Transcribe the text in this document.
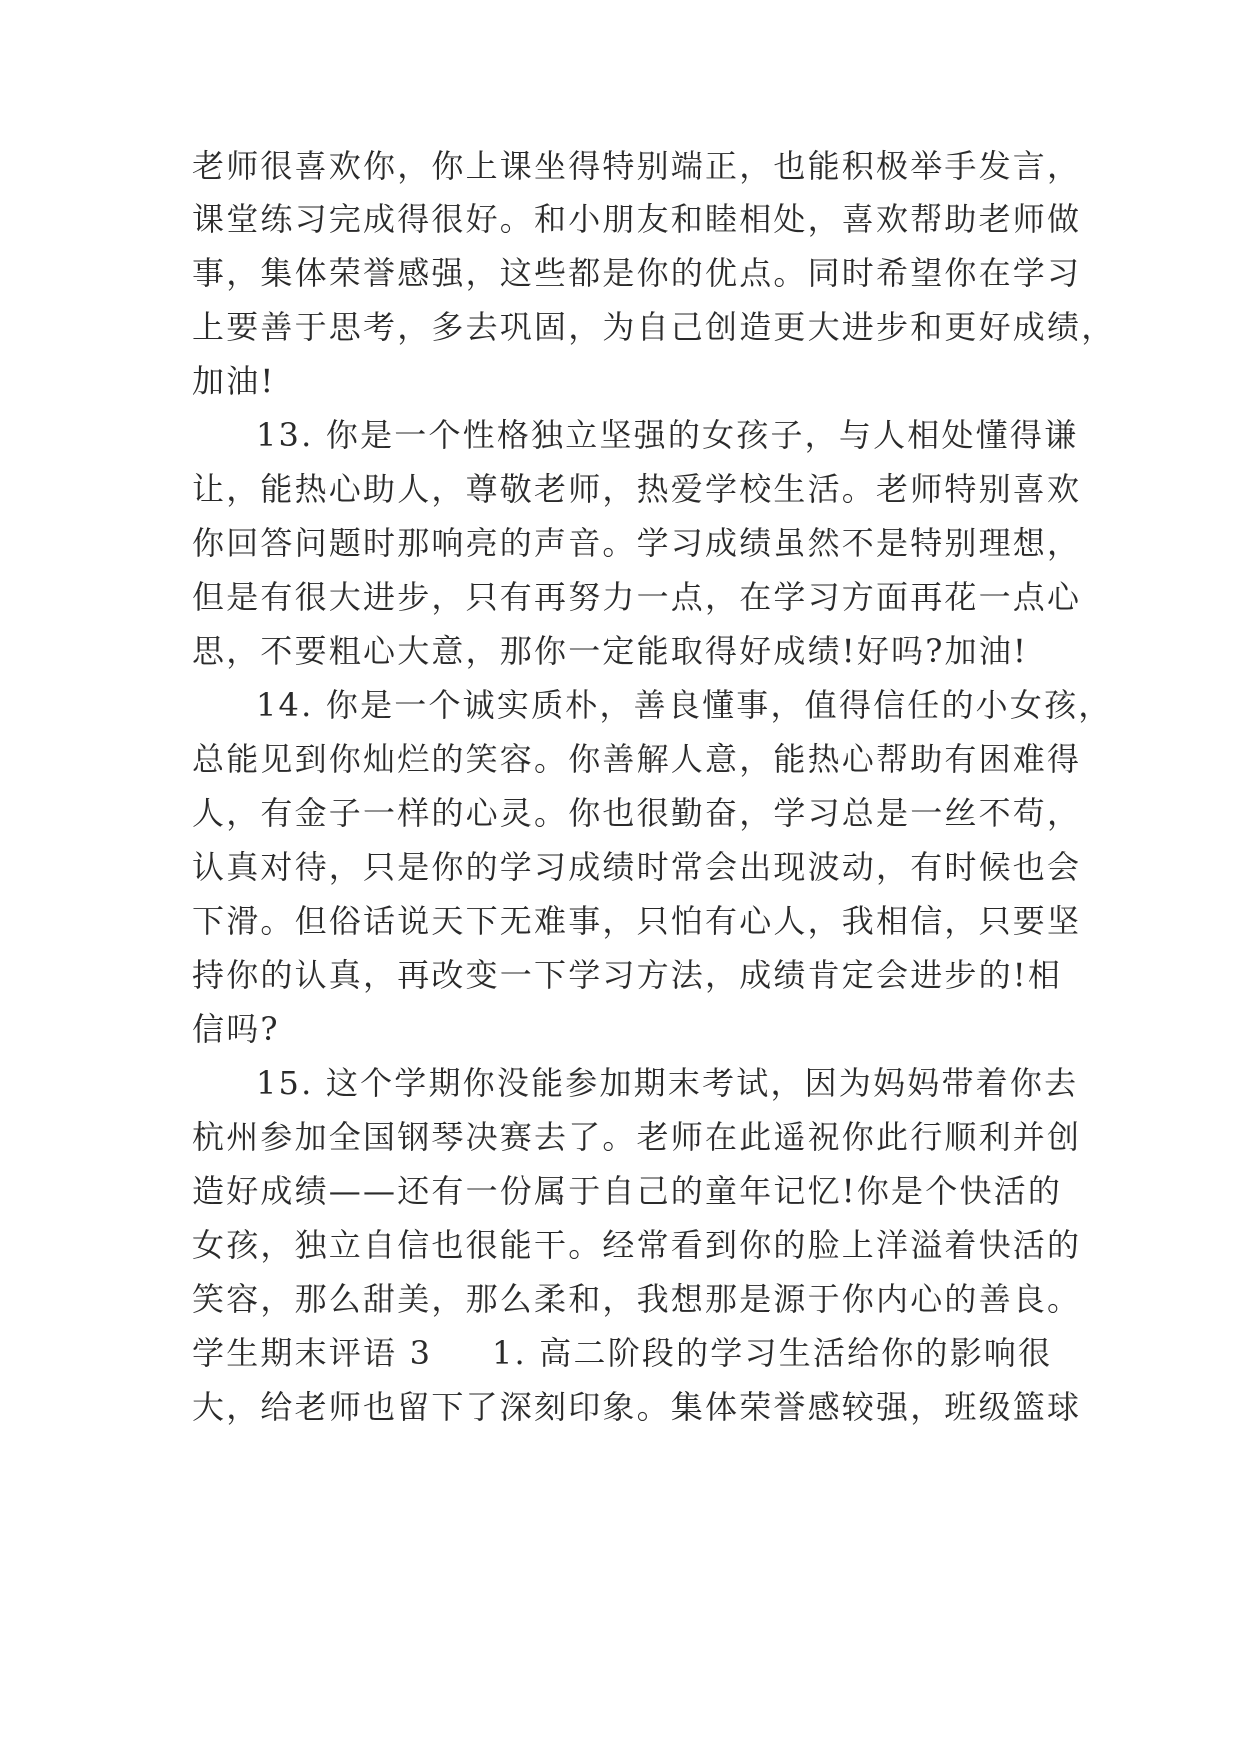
老师很喜欢你，你上课坐得特别端正，也能积极举手发言，
课堂练习完成得很好。和小朋友和睦相处，喜欢帮助老师做
事，集体荣誉感强，这些都是你的优点。同时希望你在学习
上要善于思考，多去巩固，为自己创造更大进步和更好成绩，
加油!
13. 你是一个性格独立坚强的女孩子，与人相处懂得谦
让，能热心助人，尊敬老师，热爱学校生活。老师特别喜欢
你回答问题时那响亮的声音。学习成绩虽然不是特别理想，
但是有很大进步，只有再努力一点，在学习方面再花一点心
思，不要粗心大意，那你一定能取得好成绩!好吗?加油!
14. 你是一个诚实质朴，善良懂事，值得信任的小女孩，
总能见到你灿烂的笑容。你善解人意，能热心帮助有困难得
人，有金子一样的心灵。你也很勤奋，学习总是一丝不苟，
认真对待，只是你的学习成绩时常会出现波动，有时候也会
下滑。但俗话说天下无难事，只怕有心人，我相信，只要坚
持你的认真，再改变一下学习方法，成绩肯定会进步的!相
信吗?
15. 这个学期你没能参加期末考试，因为妈妈带着你去
杭州参加全国钢琴决赛去了。老师在此遥祝你此行顺利并创
造好成绩——还有一份属于自己的童年记忆!你是个快活的
女孩，独立自信也很能干。经常看到你的脸上洋溢着快活的
笑容，那么甜美，那么柔和，我想那是源于你内心的善良。
学生期末评语 3 1. 高二阶段的学习生活给你的影响很
大，给老师也留下了深刻印象。集体荣誉感较强，班级篮球
